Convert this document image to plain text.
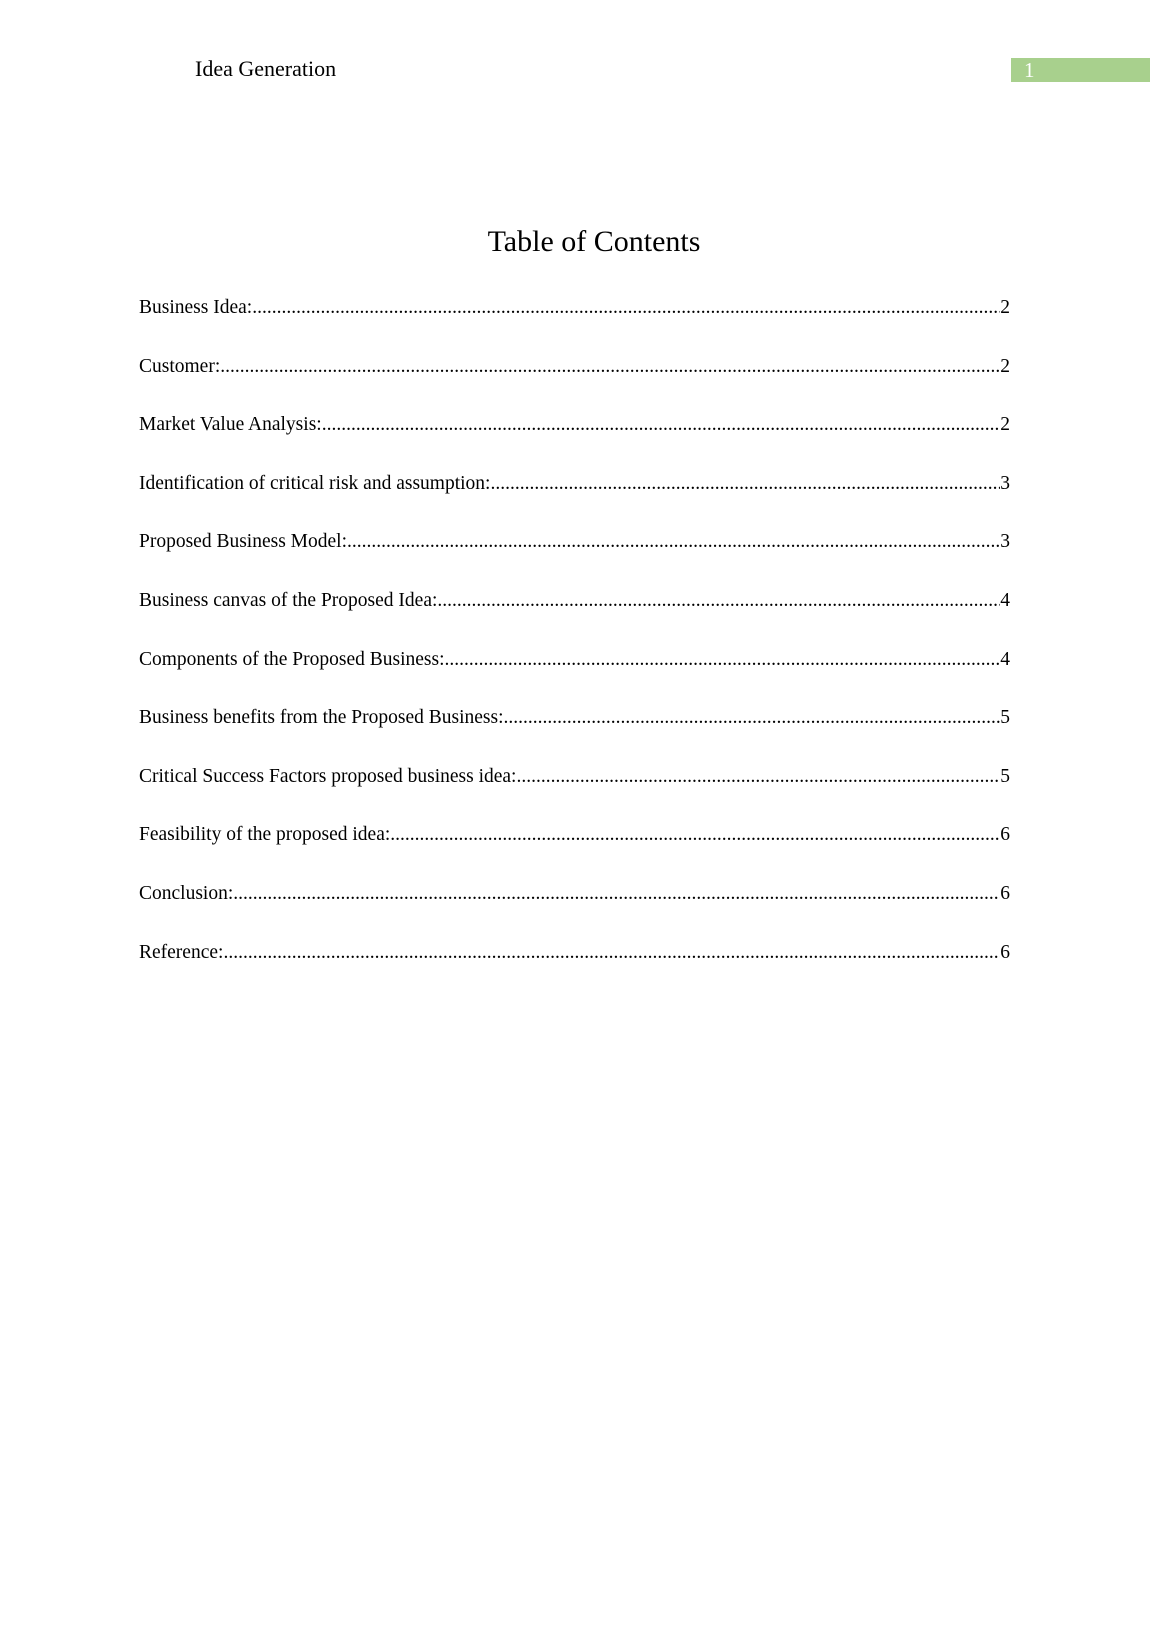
Idea Generation	1
Table of Contents
Business Idea: .....	2
Customer: .....	2
Market Value Analysis: .....	2
Identification of critical risk and assumption: .....	3
Proposed Business Model: .....	3
Business canvas of the Proposed Idea: .....	4
Components of the Proposed Business: .....	4
Business benefits from the Proposed Business: .....	5
Critical Success Factors proposed business idea: .....	5
Feasibility of the proposed idea: .....	6
Conclusion: .....	6
Reference: .....	6
